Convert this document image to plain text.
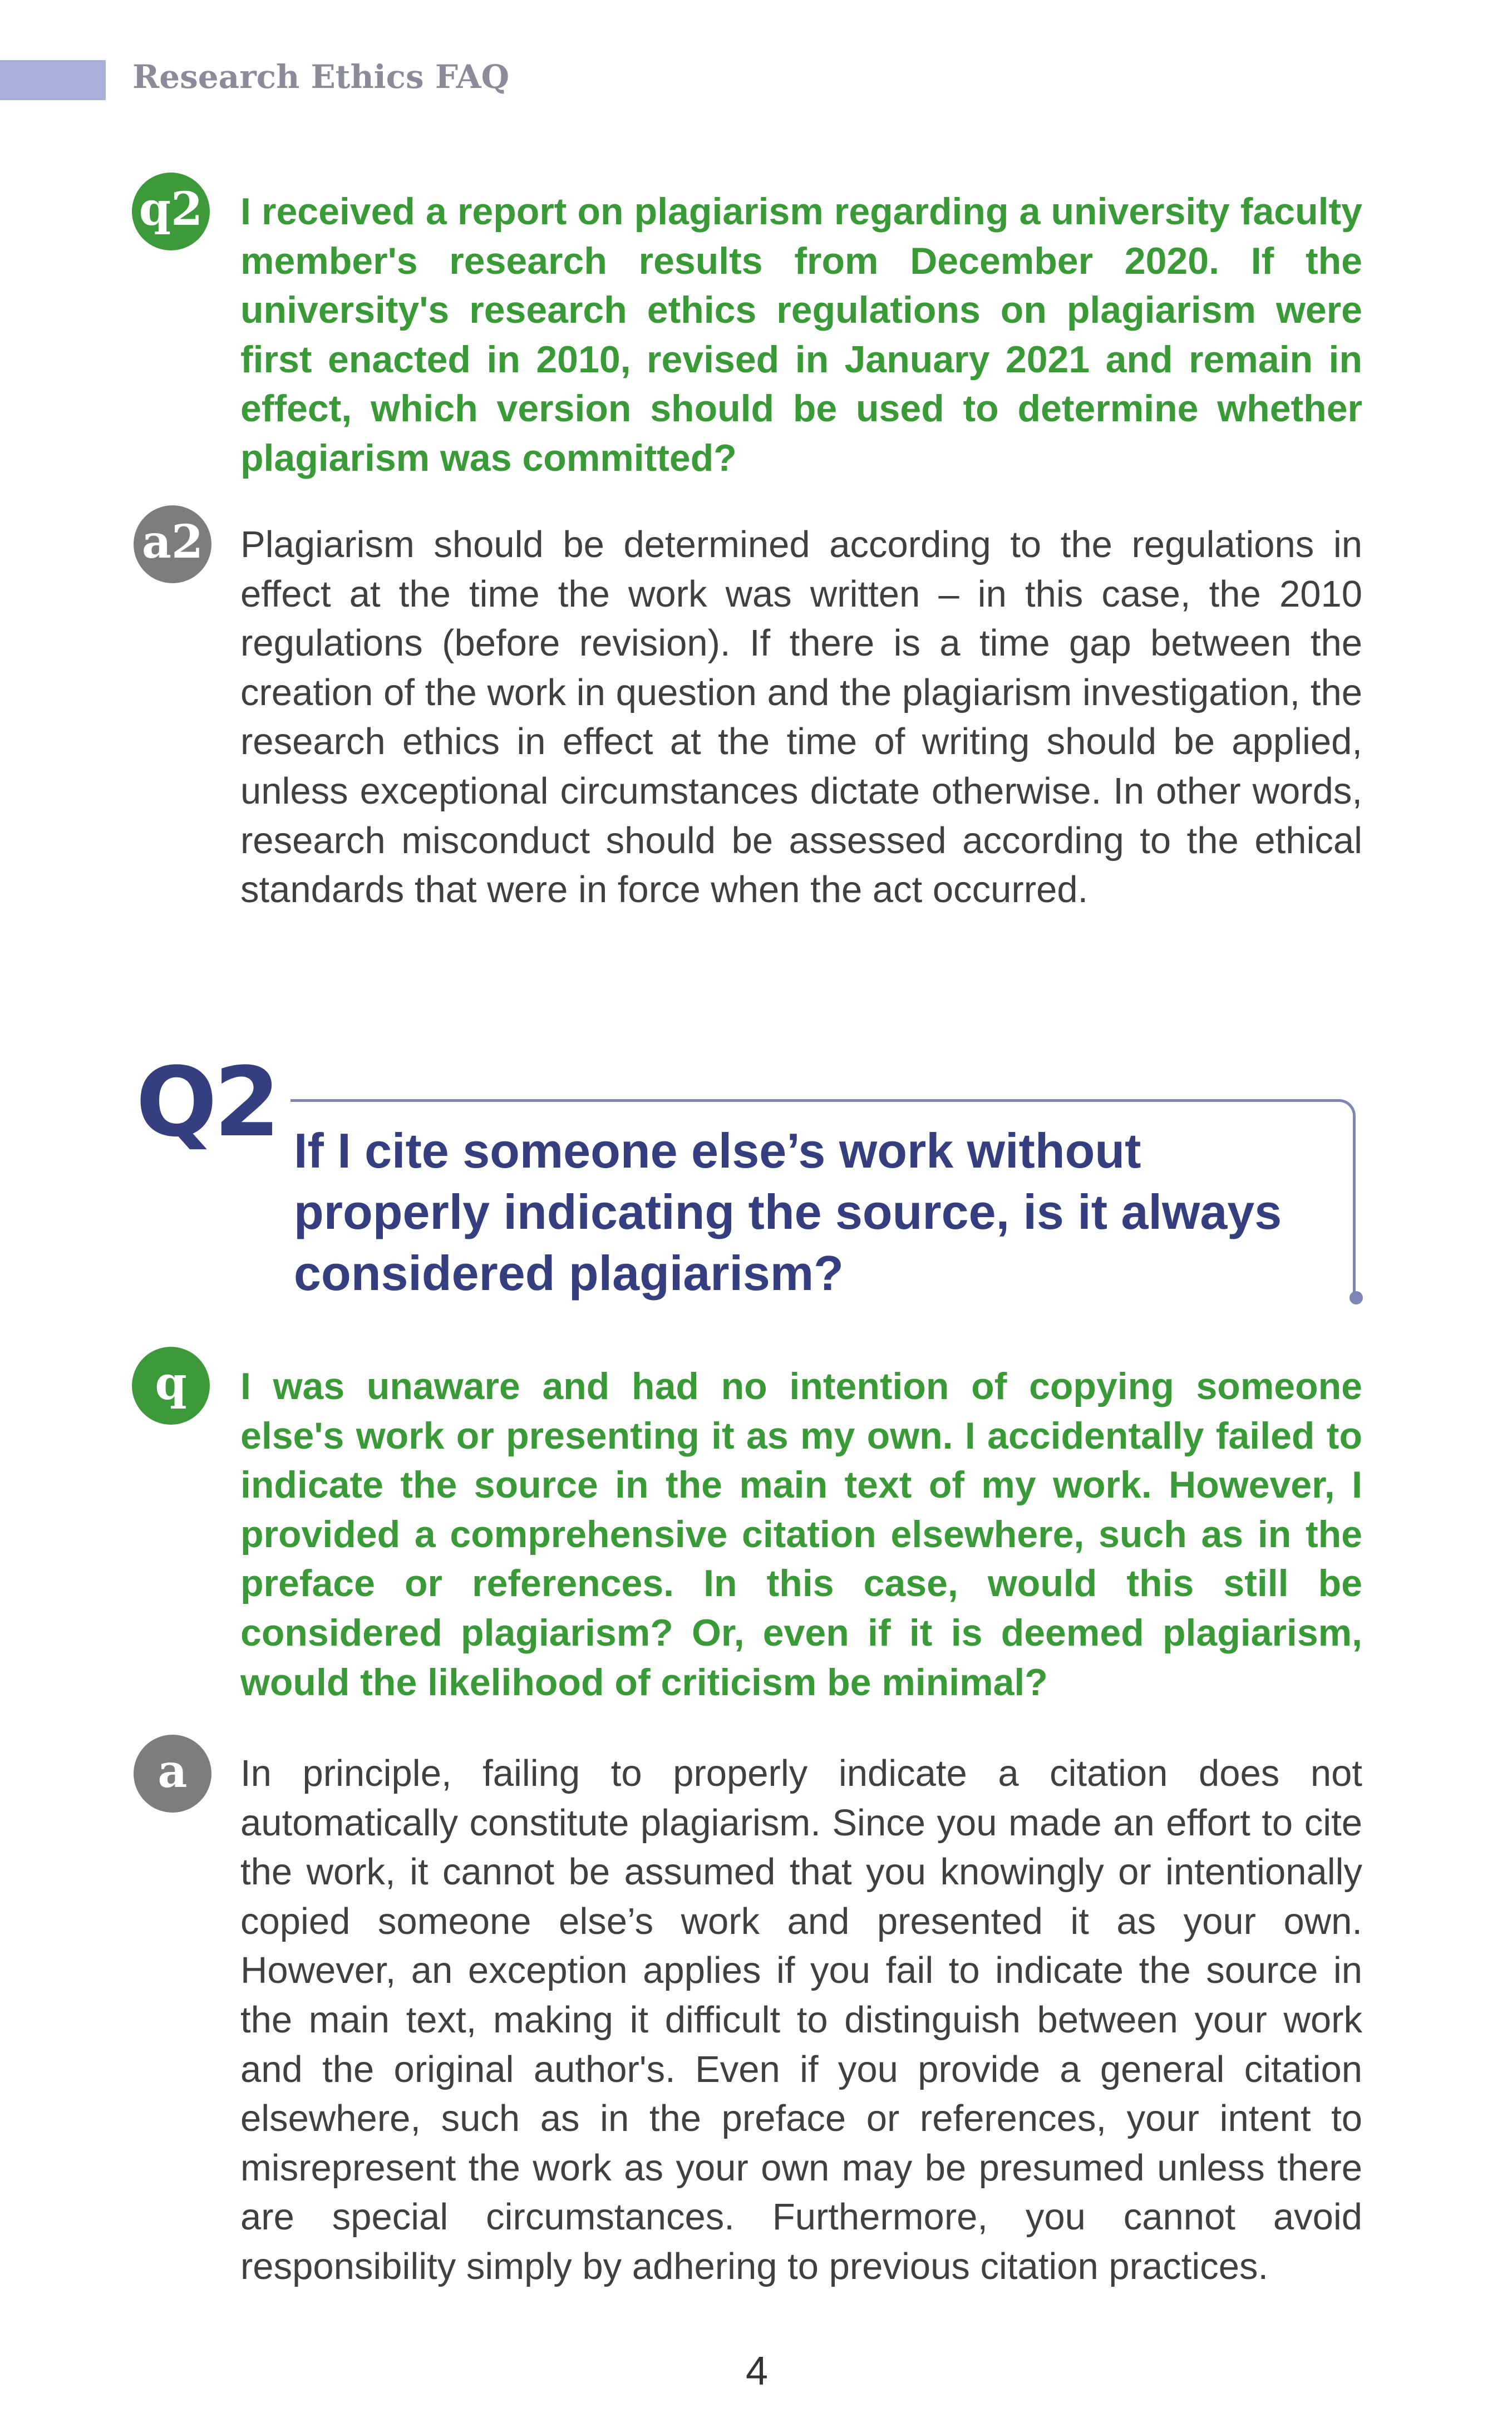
Research Ethics FAQ
q2 I received a report on plagiarism regarding a university faculty member's research results from December 2020. If the university's research ethics regulations on plagiarism were first enacted in 2010, revised in January 2021 and remain in effect, which version should be used to determine whether plagiarism was committed?

a2 Plagiarism should be determined according to the regulations in effect at the time the work was written – in this case, the 2010 regulations (before revision). If there is a time gap between the creation of the work in question and the plagiarism investigation, the research ethics in effect at the time of writing should be applied, unless exceptional circumstances dictate otherwise. In other words, research misconduct should be assessed according to the ethical standards that were in force when the act occurred.

Q2 If I cite someone else’s work without properly indicating the source, is it always considered plagiarism?

q	I was unaware and had no intention of copying someone else's work or presenting it as my own. I accidentally failed to indicate the source in the main text of my work. However, I provided a comprehensive citation elsewhere, such as in the preface or references. In this case, would this still be considered plagiarism? Or, even if it is deemed plagiarism, would the likelihood of criticism be minimal?

a	In principle, failing to properly indicate a citation does not automatically constitute plagiarism. Since you made an effort to cite the work, it cannot be assumed that you knowingly or intentionally copied someone else’s work and presented it as your own. However, an exception applies if you fail to indicate the source in the main text, making it difficult to distinguish between your work and the original author's. Even if you provide a general citation elsewhere, such as in the preface or references, your intent to misrepresent the work as your own may be presumed unless there are special circumstances. Furthermore, you cannot avoid responsibility simply by adhering to previous citation practices.

4
